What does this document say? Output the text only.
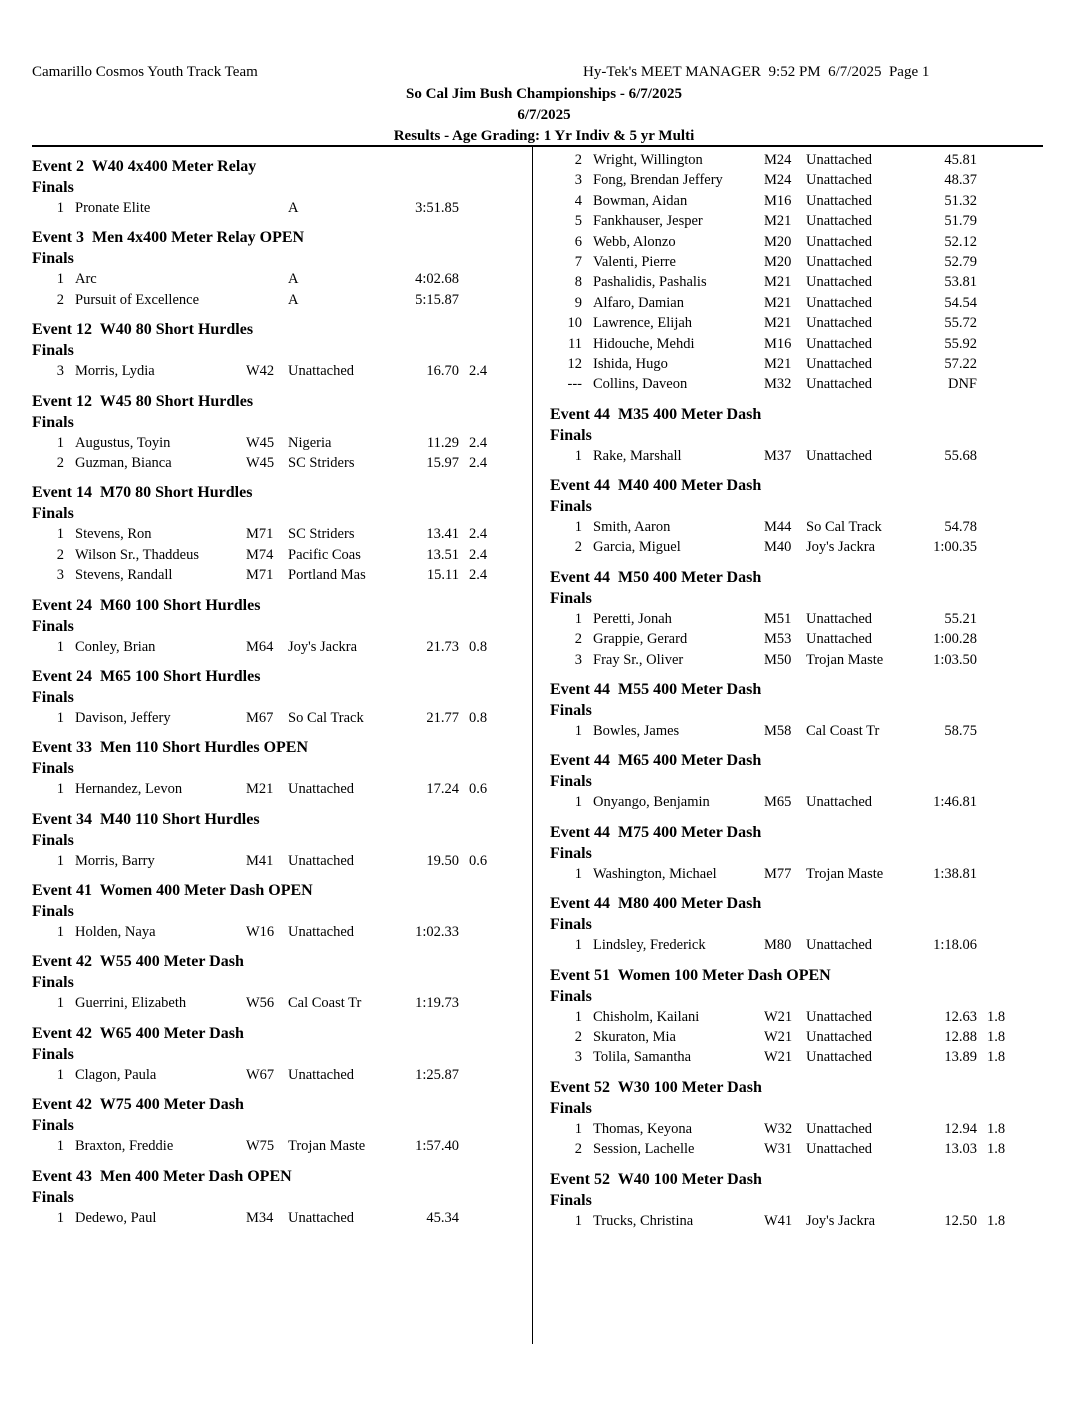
Camarillo Cosmos Youth Track Team	Hy-Tek's MEET MANAGER  9:52 PM  6/7/2025  Page 1
So Cal Jim Bush Championships - 6/7/2025
6/7/2025
Results - Age Grading: 1 Yr Indiv & 5 yr Multi
Event 2  W40 4x400 Meter Relay
Finals
1 Pronate Elite	A	3:51.85
Event 3  Men 4x400 Meter Relay OPEN
Finals
1 Arc	A	4:02.68
2 Pursuit of Excellence	A	5:15.87
Event 12  W40 80 Short Hurdles
Finals
3 Morris, Lydia	W42 Unattached	16.70 2.4
Event 12  W45 80 Short Hurdles
Finals
1 Augustus, Toyin	W45 Nigeria	11.29 2.4
2 Guzman, Bianca	W45 SC Striders	15.97 2.4
Event 14  M70 80 Short Hurdles
Finals
1 Stevens, Ron	M71 SC Striders	13.41 2.4
2 Wilson Sr., Thaddeus	M74 Pacific Coas	13.51 2.4
3 Stevens, Randall	M71 Portland Mas	15.11 2.4
Event 24  M60 100 Short Hurdles
Finals
1 Conley, Brian	M64 Joy's Jackra	21.73 0.8
Event 24  M65 100 Short Hurdles
Finals
1 Davison, Jeffery	M67 So Cal Track	21.77 0.8
Event 33  Men 110 Short Hurdles OPEN
Finals
1 Hernandez, Levon	M21 Unattached	17.24 0.6
Event 34  M40 110 Short Hurdles
Finals
1 Morris, Barry	M41 Unattached	19.50 0.6
Event 41  Women 400 Meter Dash OPEN
Finals
1 Holden, Naya	W16 Unattached	1:02.33
Event 42  W55 400 Meter Dash
Finals
1 Guerrini, Elizabeth	W56 Cal Coast Tr	1:19.73
Event 42  W65 400 Meter Dash
Finals
1 Clagon, Paula	W67 Unattached	1:25.87
Event 42  W75 400 Meter Dash
Finals
1 Braxton, Freddie	W75 Trojan Maste	1:57.40
Event 43  Men 400 Meter Dash OPEN
Finals
1 Dedewo, Paul	M34 Unattached	45.34
2 Wright, Willington	M24 Unattached	45.81
3 Fong, Brendan Jeffery	M24 Unattached	48.37
4 Bowman, Aidan	M16 Unattached	51.32
5 Fankhauser, Jesper	M21 Unattached	51.79
6 Webb, Alonzo	M20 Unattached	52.12
7 Valenti, Pierre	M20 Unattached	52.79
8 Pashalidis, Pashalis	M21 Unattached	53.81
9 Alfaro, Damian	M21 Unattached	54.54
10 Lawrence, Elijah	M21 Unattached	55.72
11 Hidouche, Mehdi	M16 Unattached	55.92
12 Ishida, Hugo	M21 Unattached	57.22
--- Collins, Daveon	M32 Unattached	DNF
Event 44  M35 400 Meter Dash
Finals
1 Rake, Marshall	M37 Unattached	55.68
Event 44  M40 400 Meter Dash
Finals
1 Smith, Aaron	M44 So Cal Track	54.78
2 Garcia, Miguel	M40 Joy's Jackra	1:00.35
Event 44  M50 400 Meter Dash
Finals
1 Peretti, Jonah	M51 Unattached	55.21
2 Grappie, Gerard	M53 Unattached	1:00.28
3 Fray Sr., Oliver	M50 Trojan Maste	1:03.50
Event 44  M55 400 Meter Dash
Finals
1 Bowles, James	M58 Cal Coast Tr	58.75
Event 44  M65 400 Meter Dash
Finals
1 Onyango, Benjamin	M65 Unattached	1:46.81
Event 44  M75 400 Meter Dash
Finals
1 Washington, Michael	M77 Trojan Maste	1:38.81
Event 44  M80 400 Meter Dash
Finals
1 Lindsley, Frederick	M80 Unattached	1:18.06
Event 51  Women 100 Meter Dash OPEN
Finals
1 Chisholm, Kailani	W21 Unattached	12.63 1.8
2 Skuraton, Mia	W21 Unattached	12.88 1.8
3 Tolila, Samantha	W21 Unattached	13.89 1.8
Event 52  W30 100 Meter Dash
Finals
1 Thomas, Keyona	W32 Unattached	12.94 1.8
2 Session, Lachelle	W31 Unattached	13.03 1.8
Event 52  W40 100 Meter Dash
Finals
1 Trucks, Christina	W41 Joy's Jackra	12.50 1.8
